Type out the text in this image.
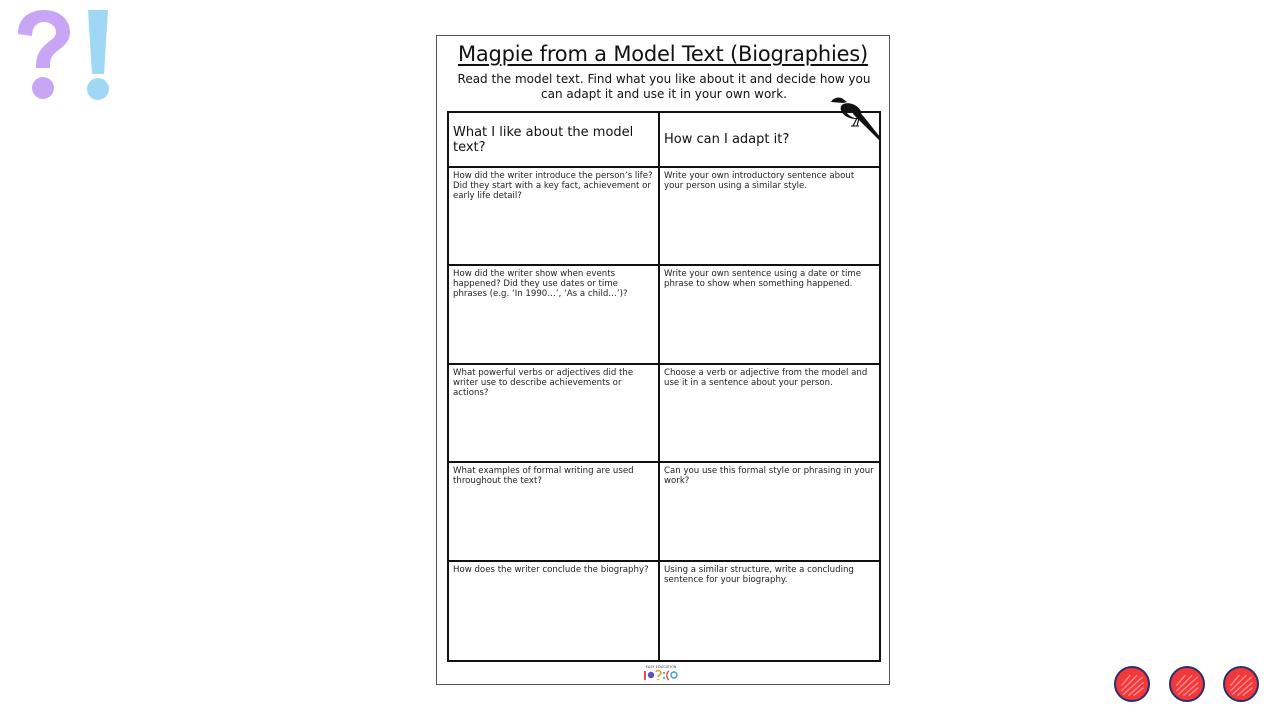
Magpie from a Model Text (Biographies)
Read the model text. Find what you like about it and decide how you can adapt it and use it in your own work.
What I like about the model text?	How can I adapt it?
How did the writer introduce the person’s life? Did they start with a key fact, achievement or early life detail?
Write your own introductory sentence about your person using a similar style.
How did the writer show when events happened? Did they use dates or time phrases (e.g. ‘In 1990…’, ‘As a child…’)?
Write your own sentence using a date or time phrase to show when something happened.
What powerful verbs or adjectives did the writer use to describe achievements or actions?
Choose a verb or adjective from the model and use it in a sentence about your person.
What examples of formal writing are used throughout the text?
Can you use this formal style or phrasing in your work?
How does the writer conclude the biography?	Using a similar structure, write a concluding sentence for your biography.
EASY EDUCATION
